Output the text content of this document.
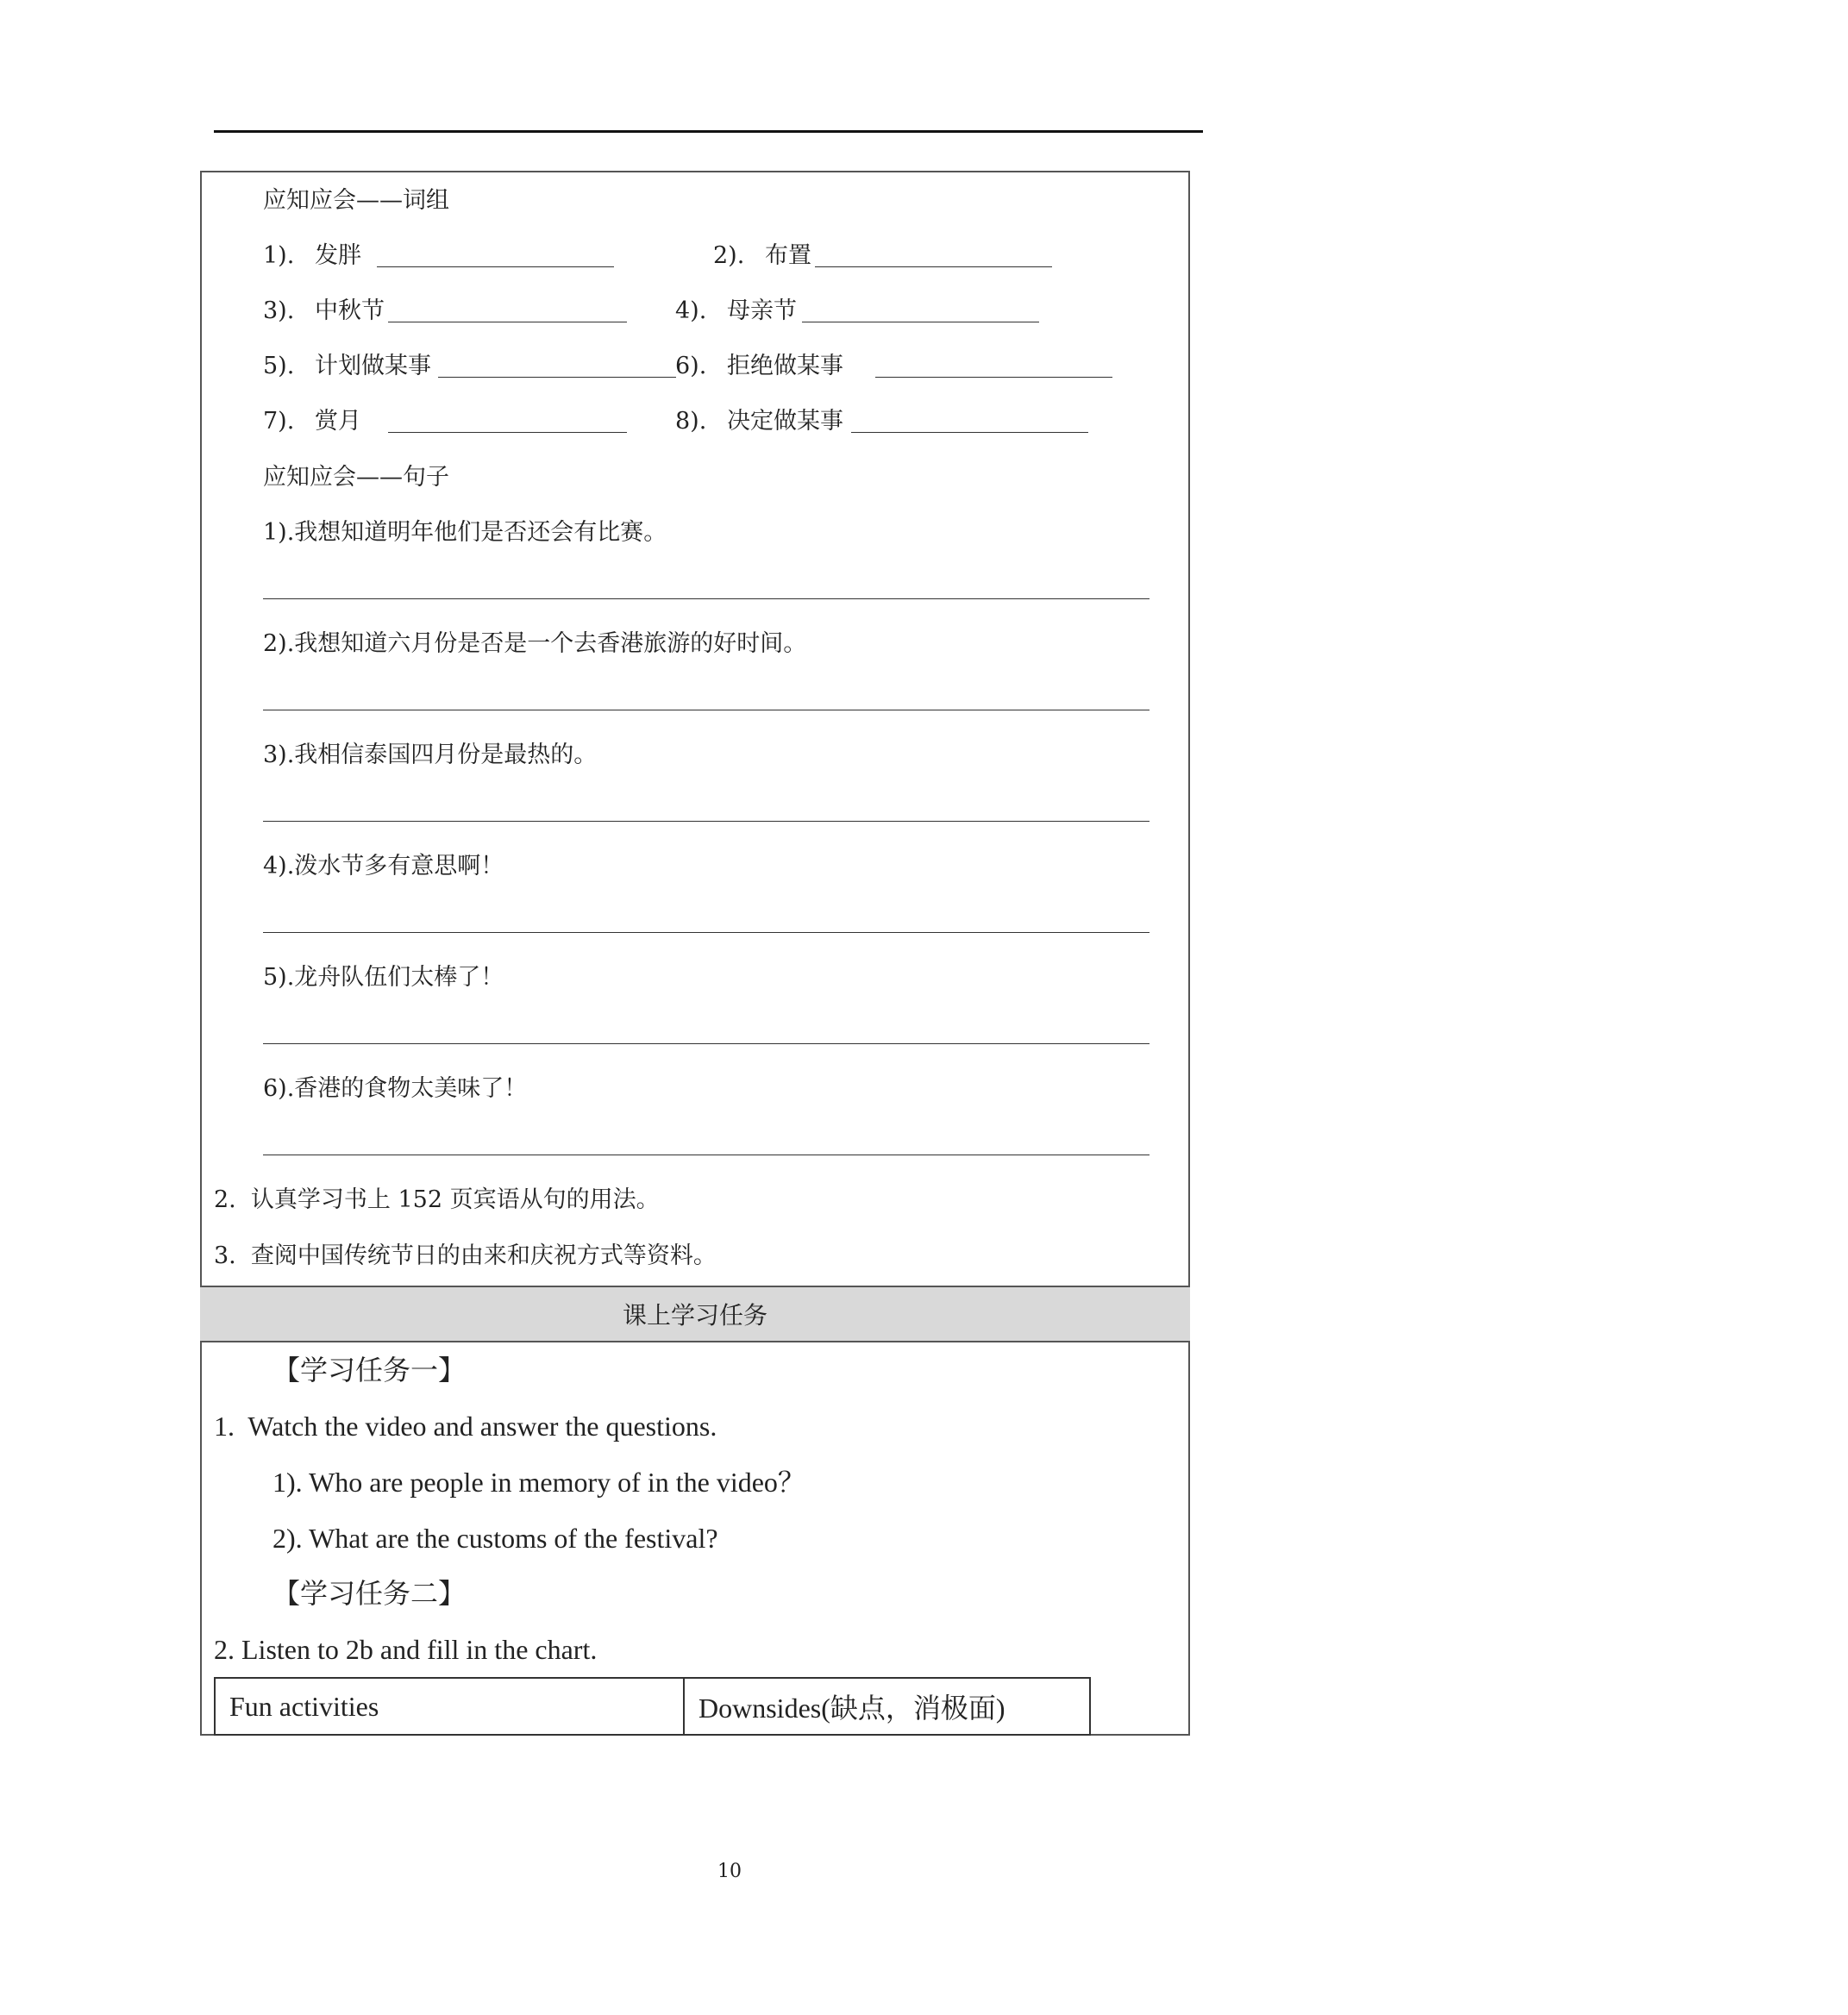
应知应会——词组
1). 发胖	2). 布置
3). 中秋节	4). 母亲节
5). 计划做某事	6). 拒绝做某事
7). 赏月	8). 决定做某事
应知应会——句子
1).我想知道明年他们是否还会有比赛。
2).我想知道六月份是否是一个去香港旅游的好时间。
3).我相信泰国四月份是最热的。
4).泼水节多有意思啊！
5).龙舟队伍们太棒了！
6).香港的食物太美味了！
2.  认真学习书上 152 页宾语从句的用法。
3.  查阅中国传统节日的由来和庆祝方式等资料。
课上学习任务
【学习任务一】
1.  Watch the video and answer the questions.
1). Who are people in memory of in the video？
2). What are the customs of the festival?
【学习任务二】
2. Listen to 2b and fill in the chart.
Fun activities	Downsides(缺点，消极面)
10
